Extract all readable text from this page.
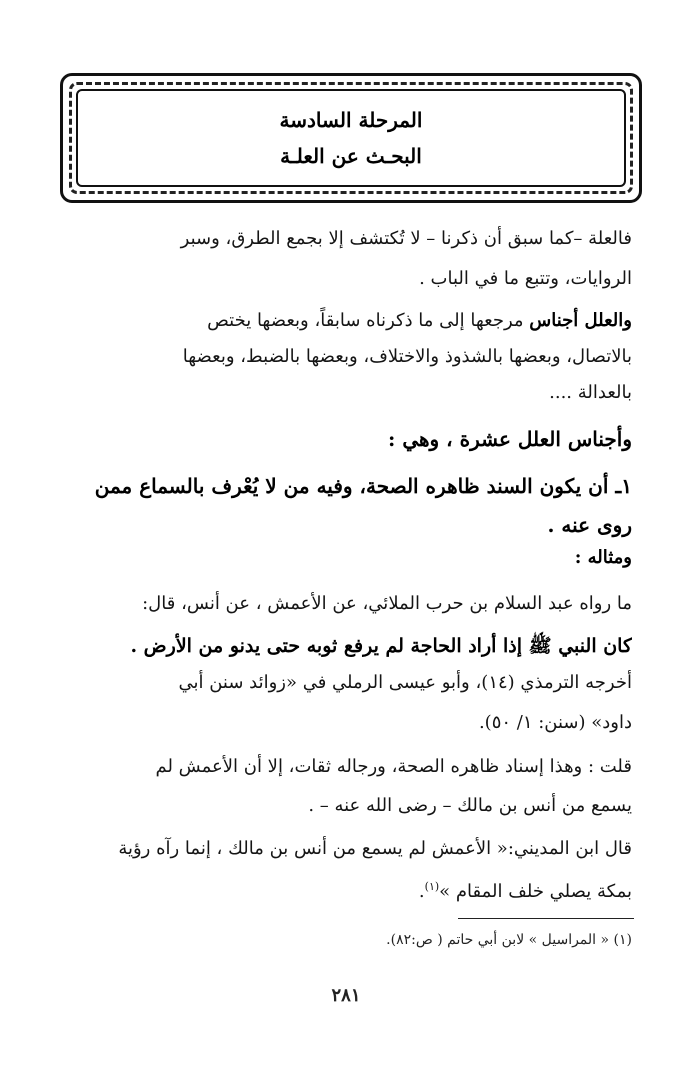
المرحلة السادسة
البحـث عن العلـة
فالعلة –كما سبق أن ذكرنا – لا تُكتشف إلا بجمع الطرق، وسبر
الروايات، وتتبع ما في الباب .
والعلل أجناس مرجعها إلى ما ذكرناه سابقاً، وبعضها يختص
بالاتصال، وبعضها بالشذوذ والاختلاف، وبعضها بالضبط، وبعضها
بالعدالة ....
وأجناس العلل عشرة ، وهي :
١ـ أن يكون السند ظاهره الصحة، وفيه من لا يُعْرف بالسماع ممن
روى عنه .
ومثاله :
ما رواه عبد السلام بن حرب الملائي، عن الأعمش ، عن أنس، قال:
كان النبي ﷺ إذا أراد الحاجة لم يرفع ثوبه حتى يدنو من الأرض .
أخرجه الترمذي (١٤)، وأبو عيسى الرملي في «زوائد سنن أبي
داود» (سنن: ١/ ٥٠).
قلت : وهذا إسناد ظاهره الصحة، ورجاله ثقات، إلا أن الأعمش لم
يسمع من أنس بن مالك – رضى الله عنه – .
قال ابن المديني:« الأعمش لم يسمع من أنس بن مالك ، إنما رآه رؤية
بمكة يصلي خلف المقام »$^{(١)}$.
(١) « المراسيل » لابن أبي حاتم ( ص:٨٢).
٢٨١
